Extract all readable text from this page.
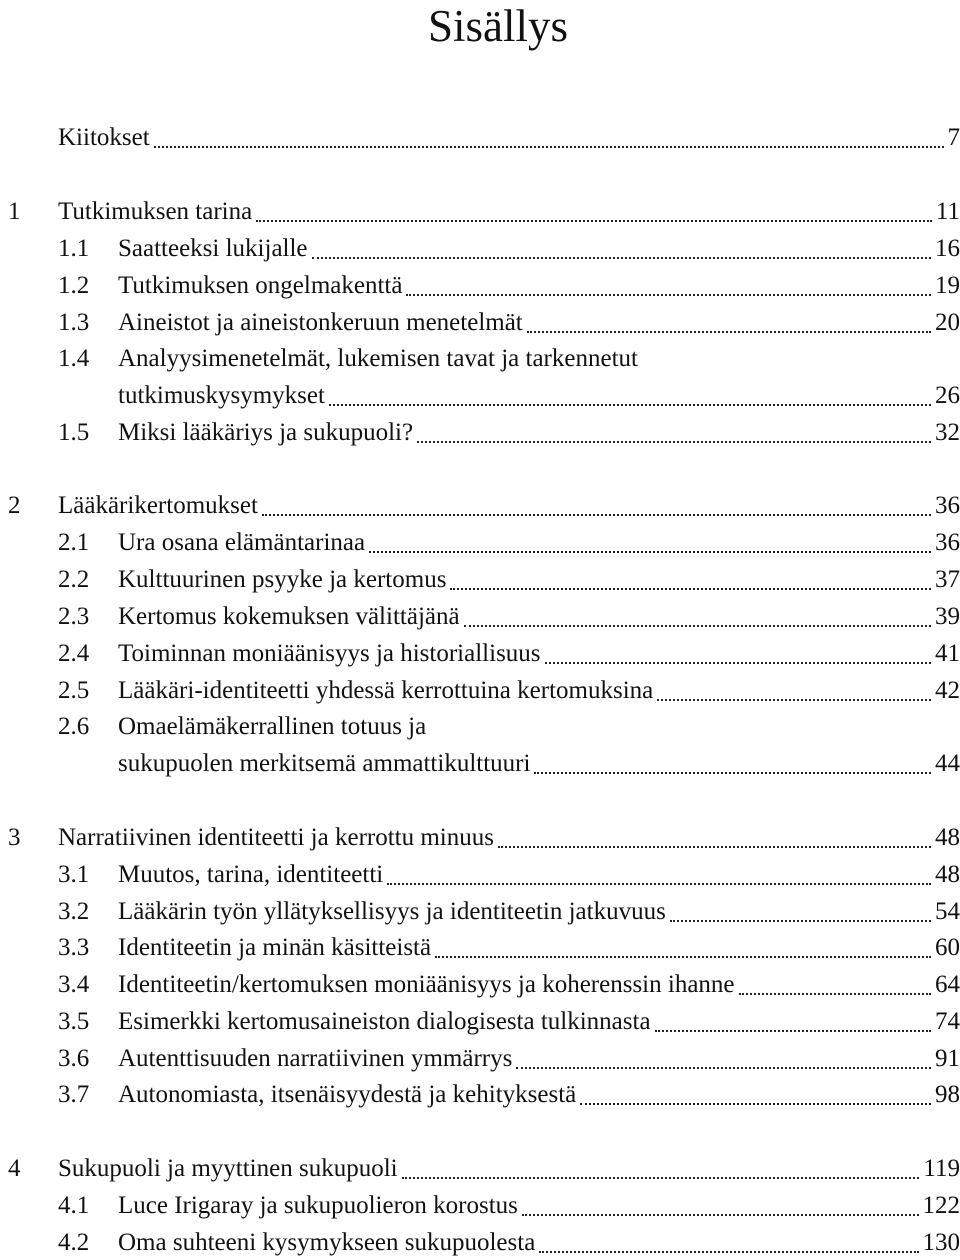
Sisällys
Kiitokset	7
1 Tutkimuksen tarina	11
1.1 Saatteeksi lukijalle	16
1.2 Tutkimuksen ongelmakenttä	19
1.3 Aineistot ja aineistonkeruun menetelmät	20
1.4 Analyysimenetelmät, lukemisen tavat ja tarkennetut
tutkimuskysymykset	26
1.5 Miksi lääkäriys ja sukupuoli?	32
2 Lääkärikertomukset	36
2.1 Ura osana elämäntarinaa	36
2.2 Kulttuurinen psyyke ja kertomus	37
2.3 Kertomus kokemuksen välittäjänä	39
2.4 Toiminnan moniäänisyys ja historiallisuus	41
2.5 Lääkäri-identiteetti yhdessä kerrottuina kertomuksina	42
2.6 Omaelämäkerrallinen totuus ja
sukupuolen merkitsemä ammattikulttuuri	44
3 Narratiivinen identiteetti ja kerrottu minuus	48
3.1 Muutos, tarina, identiteetti	48
3.2 Lääkärin työn yllätyksellisyys ja identiteetin jatkuvuus	54
3.3 Identiteetin ja minän käsitteistä	60
3.4 Identiteetin/kertomuksen moniäänisyys ja koherenssin ihanne	64
3.5 Esimerkki kertomusaineiston dialogisesta tulkinnasta	74
3.6 Autenttisuuden narratiivinen ymmärrys	91
3.7 Autonomiasta, itsenäisyydestä ja kehityksestä	98
4 Sukupuoli ja myyttinen sukupuoli	119
4.1 Luce Irigaray ja sukupuolieron korostus	122
4.2 Oma suhteeni kysymykseen sukupuolesta	130
